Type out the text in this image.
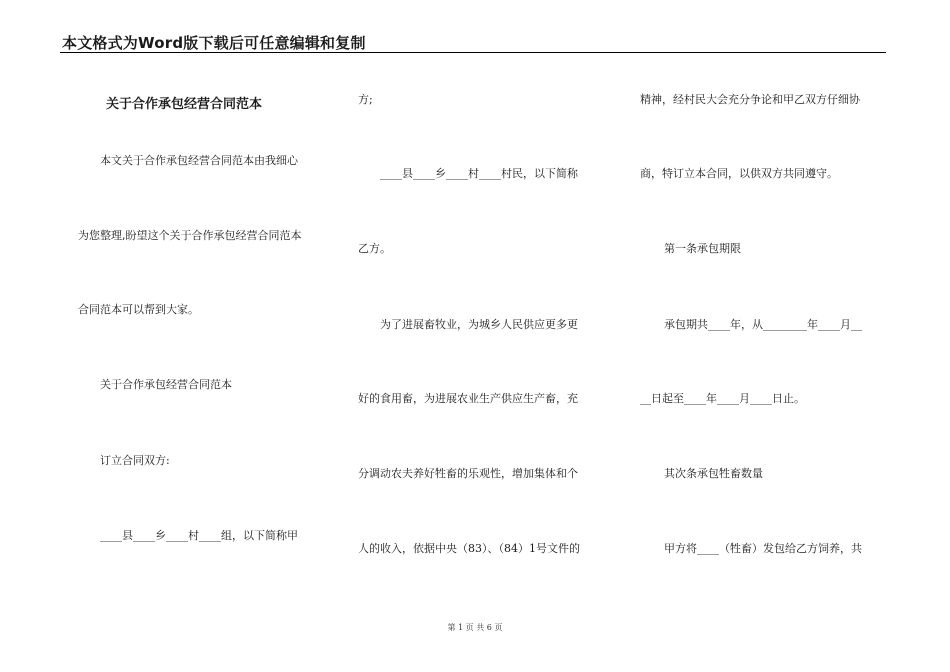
本文格式为Word版下载后可任意编辑和复制
关于合作承包经营合同范本
本文关于合作承包经营合同范本由我细心
为您整理,盼望这个关于合作承包经营合同范本
合同范本可以帮到大家。
关于合作承包经营合同范本
订立合同双方:
____县____乡____村____组，以下简称甲
方;
____县____乡____村____村民，以下简称
乙方。
为了进展畜牧业，为城乡人民供应更多更
好的食用畜，为进展农业生产供应生产畜，充
分调动农夫养好牲畜的乐观性，增加集体和个
人的收入，依据中央（83）、（84）1号文件的
精神，经村民大会充分争论和甲乙双方仔细协
商，特订立本合同，以供双方共同遵守。
第一条承包期限
承包期共____年，从________年____月__
__日起至____年____月____日止。
其次条承包牲畜数量
甲方将____（牲畜）发包给乙方饲养，共
第 1 页 共 6 页
